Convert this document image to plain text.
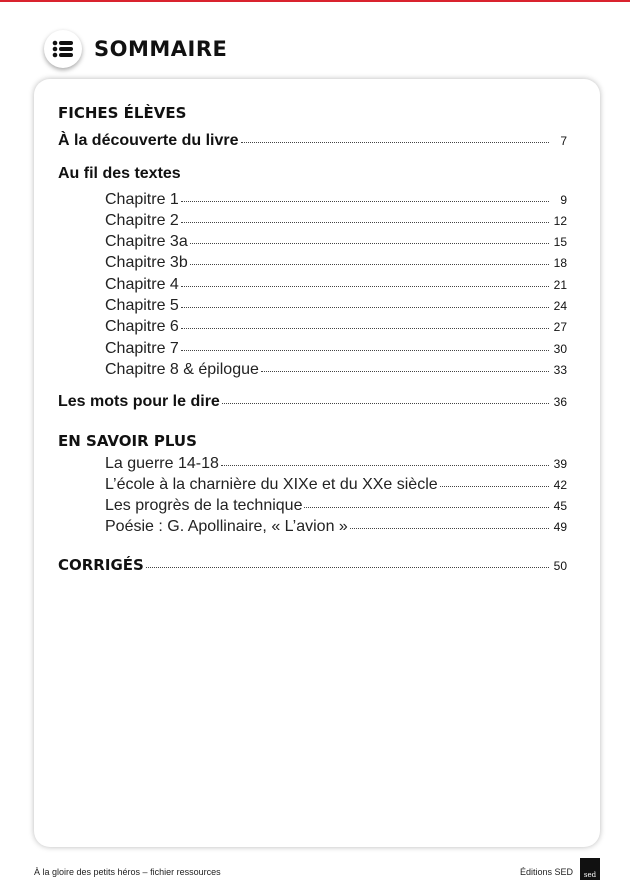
SOMMAIRE
FICHES ÉLÈVES
À la découverte du livre	7
Au fil des textes
Chapitre 1	9
Chapitre 2	12
Chapitre 3a	15
Chapitre 3b	18
Chapitre 4	21
Chapitre 5	24
Chapitre 6	27
Chapitre 7	30
Chapitre 8 & épilogue	33
Les mots pour le dire	36
EN SAVOIR PLUS
La guerre 14-18	39
L’école à la charnière du XIXe et du XXe siècle	42
Les progrès de la technique	45
Poésie : G. Apollinaire, « L’avion »	49
CORRIGÉS	50
À la gloire des petits héros – fichier ressources	Éditions SED sed
